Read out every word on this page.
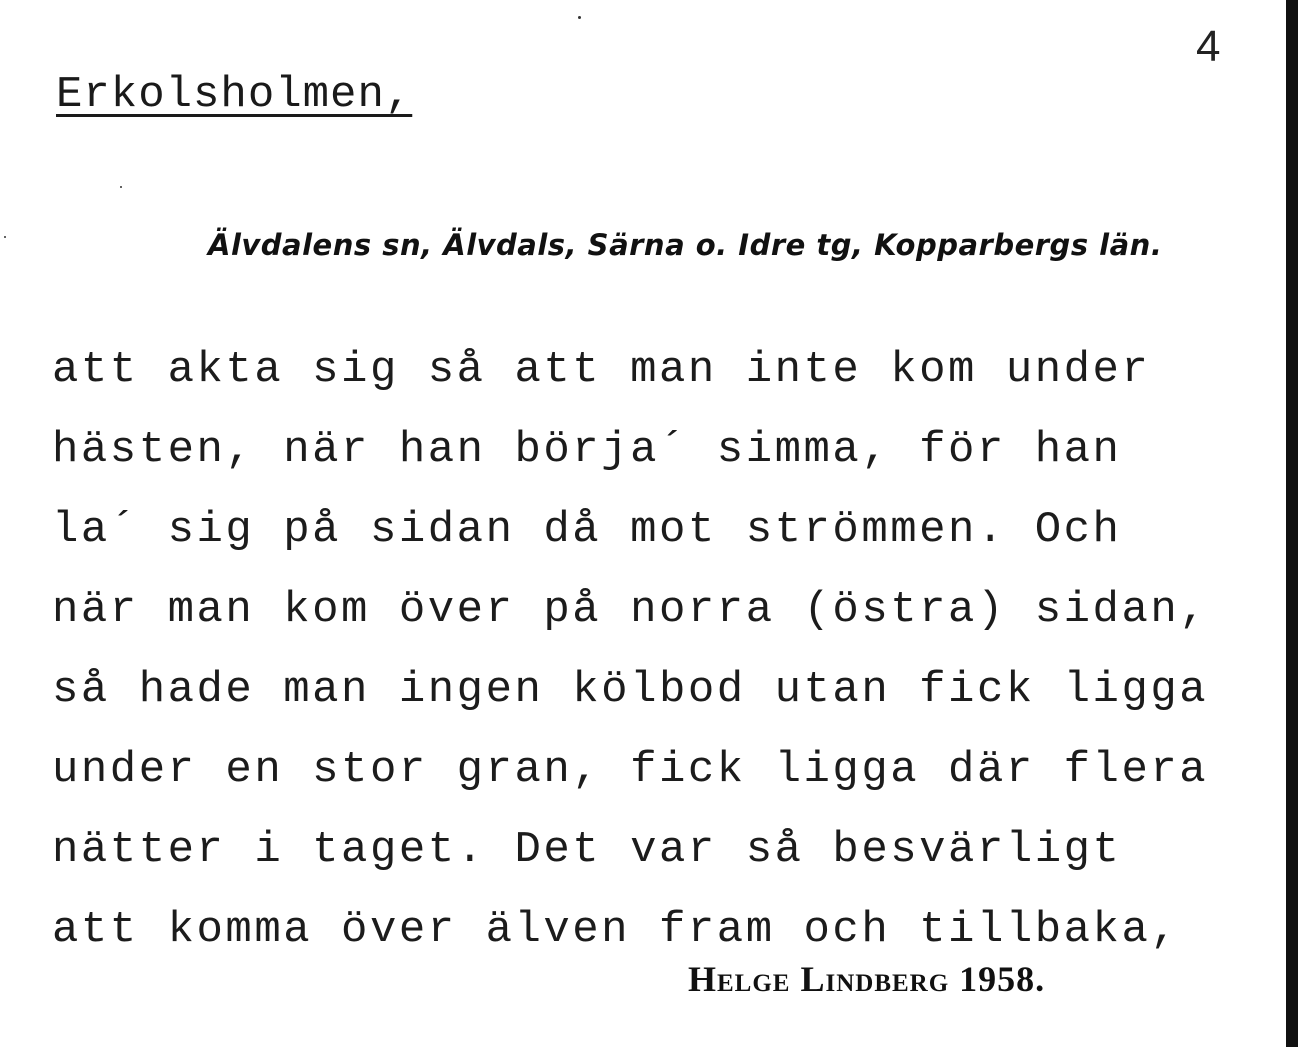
4
Erkolsholmen,
Älvdalens sn, Älvdals, Särna o. Idre tg, Kopparbergs län.
att akta sig så att man inte kom under
hästen, när han börja´ simma, för han
la´ sig på sidan då mot strömmen. Och
när man kom över på norra (östra) sidan,
så hade man ingen kölbod utan fick ligga
under en stor gran, fick ligga där flera
nätter i taget. Det var så besvärligt
att komma över älven fram och tillbaka,
Helge Lindberg 1958.
